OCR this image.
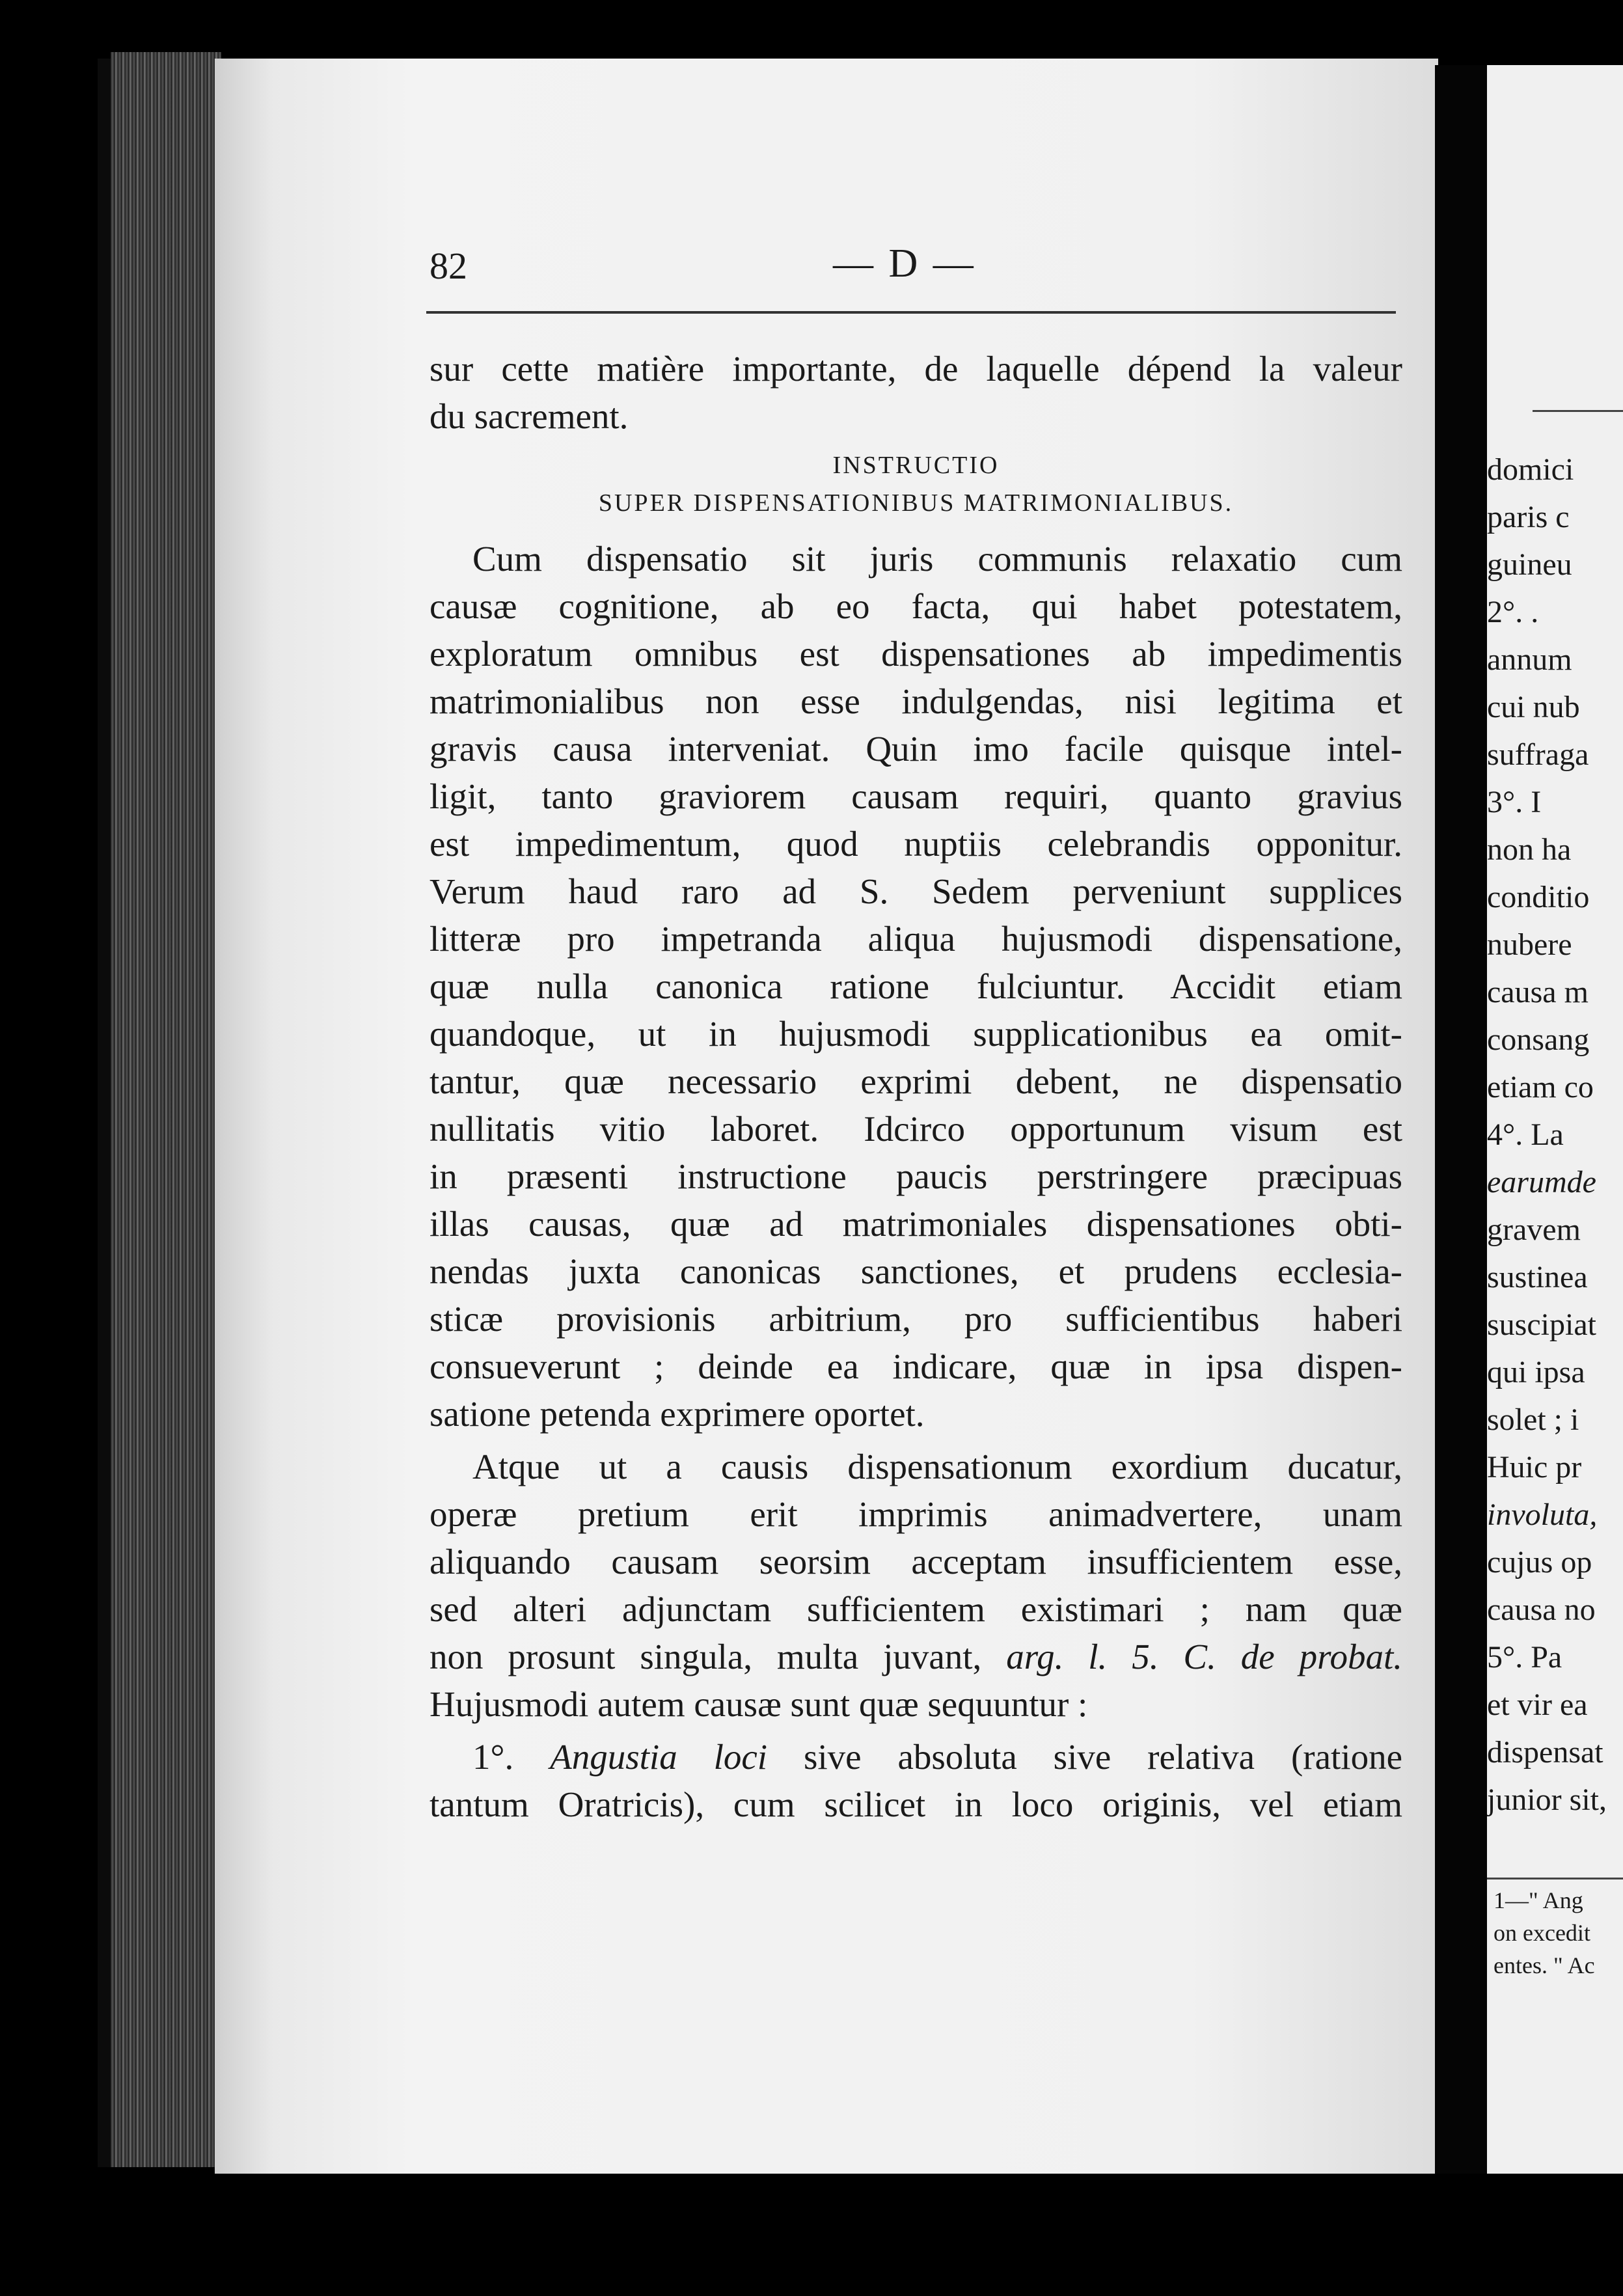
82	— D —
sur cette matière importante, de laquelle dépend la valeur
du sacrement.
INSTRUCTIO
SUPER DISPENSATIONIBUS MATRIMONIALIBUS.
Cum dispensatio sit juris communis relaxatio cum
causæ cognitione, ab eo facta, qui habet potestatem,
exploratum omnibus est dispensationes ab impedimentis
matrimonialibus non esse indulgendas, nisi legitima et
gravis causa interveniat. Quin imo facile quisque intel-
ligit, tanto graviorem causam requiri, quanto gravius
est impedimentum, quod nuptiis celebrandis opponitur.
Verum haud raro ad S. Sedem perveniunt supplices
litteræ pro impetranda aliqua hujusmodi dispensatione,
quæ nulla canonica ratione fulciuntur. Accidit etiam
quandoque, ut in hujusmodi supplicationibus ea omit-
tantur, quæ necessario exprimi debent, ne dispensatio
nullitatis vitio laboret. Idcirco opportunum visum est
in præsenti instructione paucis perstringere præcipuas
illas causas, quæ ad matrimoniales dispensationes obti-
nendas juxta canonicas sanctiones, et prudens ecclesia-
sticæ provisionis arbitrium, pro sufficientibus haberi
consueverunt ; deinde ea indicare, quæ in ipsa dispen-
satione petenda exprimere oportet.
Atque ut a causis dispensationum exordium ducatur,
operæ pretium erit imprimis animadvertere, unam
aliquando causam seorsim acceptam insufficientem esse,
sed alteri adjunctam sufficientem existimari ; nam quæ
non prosunt singula, multa juvant, arg. l. 5. C. de probat.
Hujusmodi autem causæ sunt quæ sequuntur :
1°. Angustia loci sive absoluta sive relativa (ratione
tantum Oratricis), cum scilicet in loco originis, vel etiam
domici
paris c
guineu
2°. .
annum
cui nub
suffraga
3°. I
non ha
conditio
nubere
causa m
consang
etiam co
4°. La
earumde
gravem
sustinea
suscipiat
qui ipsa
solet ; i
Huic pr
involuta,
cujus op
causa no
5°. Pa
et vir ea
dispensat
junior sit,
1—" Ang
on excedit
entes. " Ac
